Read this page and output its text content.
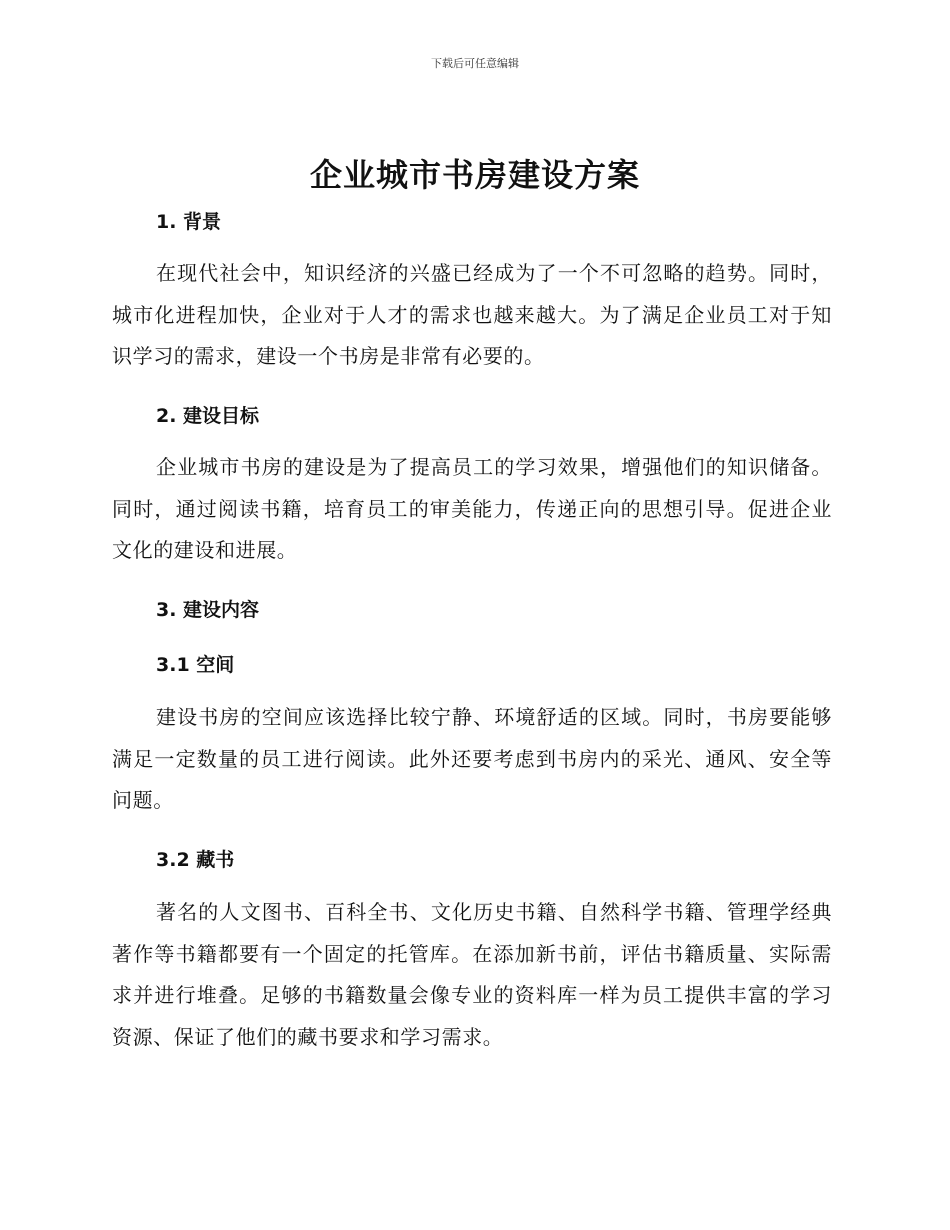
下载后可任意编辑
企业城市书房建设方案
1. 背景
在现代社会中，知识经济的兴盛已经成为了一个不可忽略的趋势。同时，城市化进程加快，企业对于人才的需求也越来越大。为了满足企业员工对于知识学习的需求，建设一个书房是非常有必要的。
2. 建设目标
企业城市书房的建设是为了提高员工的学习效果，增强他们的知识储备。同时，通过阅读书籍，培育员工的审美能力，传递正向的思想引导。促进企业文化的建设和进展。
3. 建设内容
3.1 空间
建设书房的空间应该选择比较宁静、环境舒适的区域。同时，书房要能够满足一定数量的员工进行阅读。此外还要考虑到书房内的采光、通风、安全等问题。
3.2 藏书
著名的人文图书、百科全书、文化历史书籍、自然科学书籍、管理学经典著作等书籍都要有一个固定的托管库。在添加新书前，评估书籍质量、实际需求并进行堆叠。足够的书籍数量会像专业的资料库一样为员工提供丰富的学习资源、保证了他们的藏书要求和学习需求。
